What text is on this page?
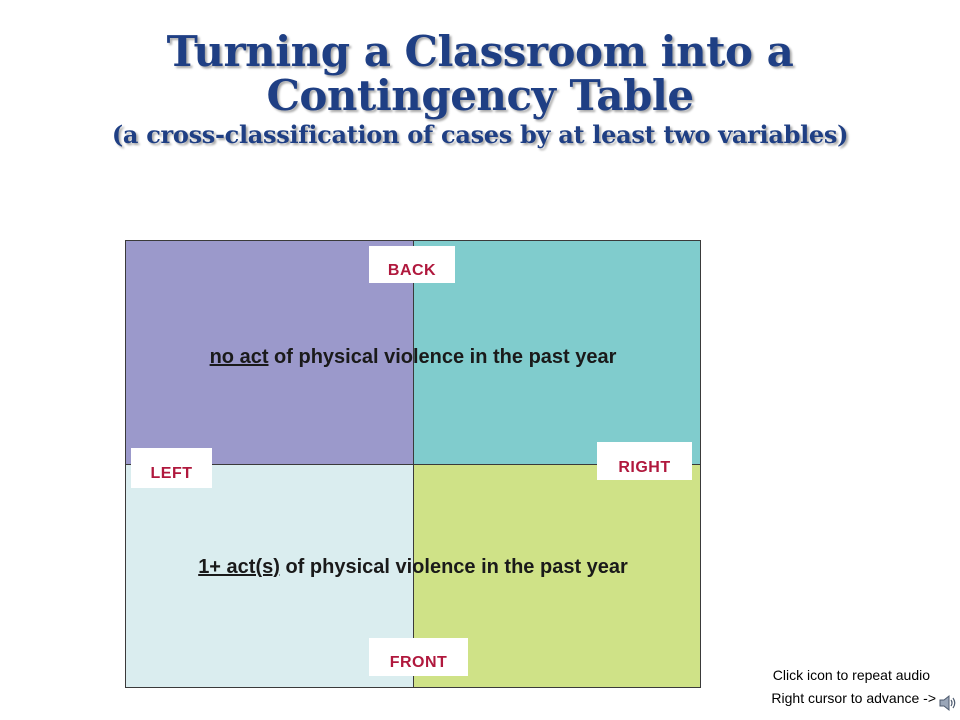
Turning a Classroom into a
Contingency Table
(a cross-classification of cases by at least two variables)
no act of physical violence in the past year
1+ act(s) of physical violence in the past year
BACK
LEFT	RIGHT
FRONT
Click icon to repeat audio
Right cursor to advance ->
